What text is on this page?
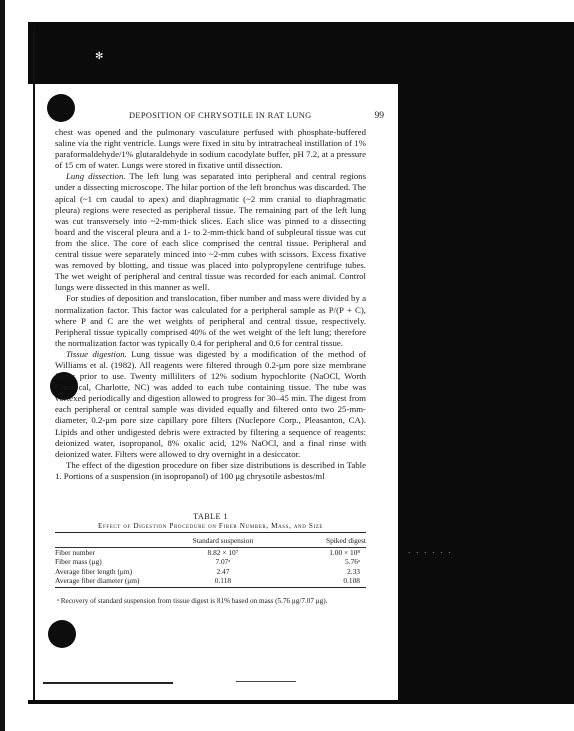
✻
DEPOSITION OF CHRYSOTILE IN RAT LUNG	99

chest was opened and the pulmonary vasculature perfused with phosphate-buffered saline via the right ventricle. Lungs were fixed in situ by intratracheal instillation of 1% paraformaldehyde/1% glutaraldehyde in sodium cacodylate buffer, pH 7.2, at a pressure of 15 cm of water. Lungs were stored in fixative until dissection.

Lung dissection. The left lung was separated into peripheral and central regions under a dissecting microscope. The hilar portion of the left bronchus was discarded. The apical (~1 cm caudal to apex) and diaphragmatic (~2 mm cranial to diaphragmatic pleura) regions were resected as peripheral tissue. The remaining part of the left lung was cut transversely into ~2-mm-thick slices. Each slice was pinned to a dissecting board and the visceral pleura and a 1- to 2-mm-thick band of subpleural tissue was cut from the slice. The core of each slice comprised the central tissue. Peripheral and central tissue were separately minced into ~2-mm cubes with scissors. Excess fixative was removed by blotting, and tissue was placed into polypropylene centrifuge tubes. The wet weight of peripheral and central tissue was recorded for each animal. Control lungs were dissected in this manner as well.

For studies of deposition and translocation, fiber number and mass were divided by a normalization factor. This factor was calculated for a peripheral sample as P/(P + C), where P and C are the wet weights of peripheral and central tissue, respectively. Peripheral tissue typically comprised 40% of the wet weight of the left lung; therefore the normalization factor was typically 0.4 for peripheral and 0.6 for central tissue.

Tissue digestion. Lung tissue was digested by a modification of the method of Williams et al. (1982). All reagents were filtered through 0.2-μm pore size membrane filters prior to use. Twenty milliliters of 12% sodium hypochlorite (NaOCl, Worth Chemical, Charlotte, NC) was added to each tube containing tissue. The tube was vortexed periodically and digestion allowed to progress for 30–45 min. The digest from each peripheral or central sample was divided equally and filtered onto two 25-mm-diameter, 0.2-μm pore size capillary pore filters (Nuclepore Corp., Pleasanton, CA). Lipids and other undigested debris were extracted by filtering a sequence of reagents: deionized water, isopropanol, 8% oxalic acid, 12% NaOCl, and a final rinse with deionized water. Filters were allowed to dry overnight in a desiccator.

The effect of the digestion procedure on fiber size distributions is described in Table 1. Portions of a suspension (in isopropanol) of 100 μg chrysotile asbestos/ml

TABLE 1
Effect of Digestion Procedure on Fiber Number, Mass, and Size
	Standard suspension	Spiked digest

Fiber number	8.82 × 10⁷	1.00 × 10⁸
Fiber mass (μg)	7.07ᵃ	5.76ᵃ
Average fiber length (μm)	2.47	2.33
Average fiber diameter (μm)	0.118	0.108

ᵃ Recovery of standard suspension from tissue digest is 81% based on mass (5.76 μg/7.07 μg).
· · · · · ·
